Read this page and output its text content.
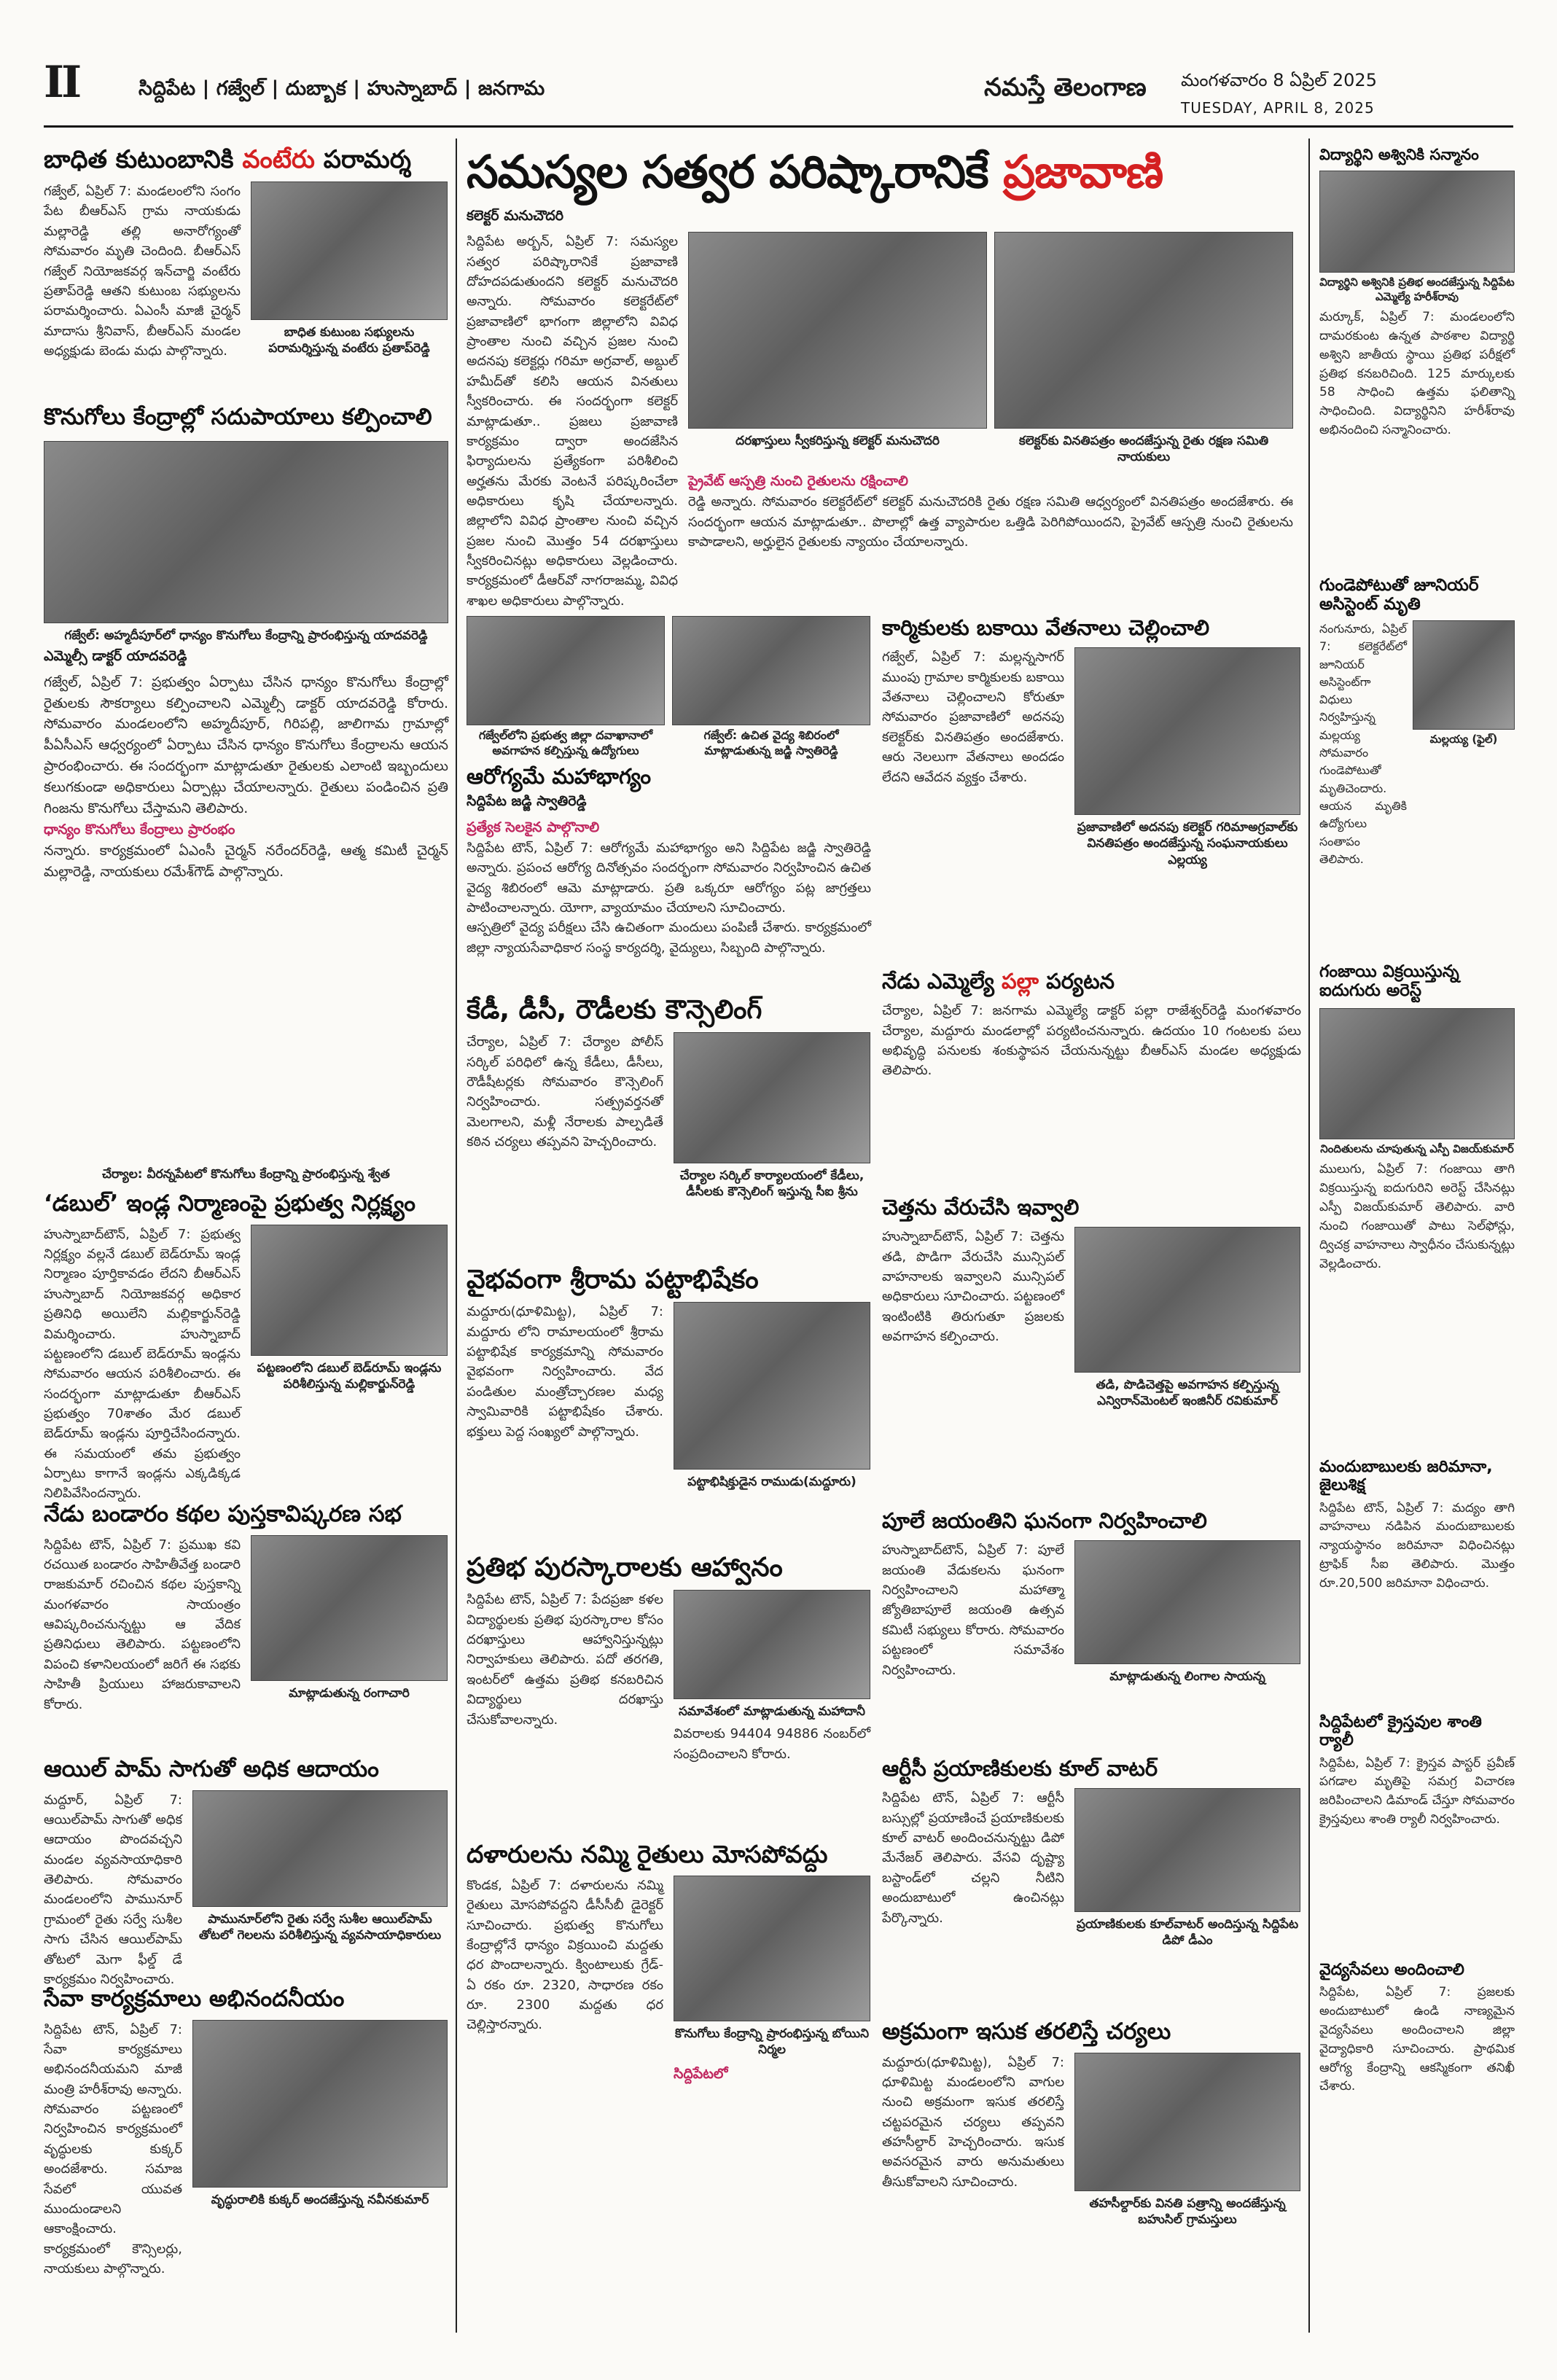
II	సిద్దిపేట | గజ్వేల్ | దుబ్బాక | హుస్నాబాద్ | జనగామ	నమస్తే తెలంగాణ మంగళవారం 8 ఏప్రిల్ 2025
TUESDAY, APRIL 8, 2025
బాధిత కుటుంబానికి వంటేరు పరామర్శ
గజ్వేల్, ఏప్రిల్ 7: మండలంలోని సంగం పేట బీఆర్ఎస్ గ్రామ నాయకుడు మల్లారెడ్డి తల్లి అనారోగ్యంతో సోమవారం మృతి చెందింది. బీఆర్ఎస్ గజ్వేల్ నియోజకవర్గ ఇన్‌చార్జి వంటేరు ప్రతాప్‌రెడ్డి ఆతని కుటుంబ సభ్యులను పరామర్శించారు. ఏఎంసీ మాజీ చైర్మన్ మాదాసు శ్రీనివాస్, బీఆర్ఎస్ మండల అధ్యక్షుడు బెండు మధు పాల్గొన్నారు.
బాధిత కుటుంబ సభ్యులను పరామర్శిస్తున్న వంటేరు ప్రతాప్‌రెడ్డి
కొనుగోలు కేంద్రాల్లో సదుపాయాలు కల్పించాలి
గజ్వేల్: అహ్మదీపూర్‌లో ధాన్యం కొనుగోలు కేంద్రాన్ని ప్రారంభిస్తున్న యాదవరెడ్డి
ఎమ్మెల్సీ డాక్టర్ యాదవరెడ్డి
గజ్వేల్, ఏప్రిల్ 7: ప్రభుత్వం ఏర్పాటు చేసిన ధాన్యం కొనుగోలు కేంద్రాల్లో రైతులకు సౌకర్యాలు కల్పించాలని ఎమ్మెల్సీ డాక్టర్ యాదవరెడ్డి కోరారు. సోమవారం మండలంలోని అహ్మదీపూర్, గిరిపల్లి, జాలిగామ గ్రామాల్లో పీఏసీఎస్ ఆధ్వర్యంలో ఏర్పాటు చేసిన ధాన్యం కొనుగోలు కేంద్రాలను ఆయన ప్రారంభించారు. ఈ సందర్భంగా మాట్లాడుతూ రైతులకు ఎలాంటి ఇబ్బందులు కలుగకుండా అధికారులు ఏర్పాట్లు చేయాలన్నారు. రైతులు పండించిన ప్రతి గింజను కొనుగోలు చేస్తామని తెలిపారు.
ధాన్యం కొనుగోలు కేంద్రాలు ప్రారంభం
నన్నారు. కార్యక్రమంలో ఏఎంసీ చైర్మన్ నరేందర్‌రెడ్డి, ఆత్మ కమిటీ చైర్మన్ మల్లారెడ్డి, నాయకులు రమేశ్‌గౌడ్ పాల్గొన్నారు.
చేర్యాల: వీరన్నపేటలో కొనుగోలు కేంద్రాన్ని ప్రారంభిస్తున్న శ్వేత
‘డబుల్’ ఇండ్ల నిర్మాణంపై ప్రభుత్వ నిర్లక్ష్యం
హుస్నాబాద్‌టౌన్, ఏప్రిల్ 7: ప్రభుత్వ నిర్లక్ష్యం వల్లనే డబుల్ బెడ్‌రూమ్ ఇండ్ల నిర్మాణం పూర్తికావడం లేదని బీఆర్ఎస్ హుస్నాబాద్ నియోజకవర్గ అధికార ప్రతినిధి అయిలేని మల్లికార్జున్‌రెడ్డి విమర్శించారు. హుస్నాబాద్ పట్టణంలోని డబుల్ బెడ్‌రూమ్ ఇండ్లను సోమవారం ఆయన పరిశీలించారు. ఈ సందర్భంగా మాట్లాడుతూ బీఆర్ఎస్ ప్రభుత్వం 70శాతం మేర డబుల్ బెడ్‌రూమ్ ఇండ్లను పూర్తిచేసిందన్నారు. ఈ సమయంలో తమ ప్రభుత్వం ఏర్పాటు కాగానే ఇండ్లను ఎక్కడిక్కడ నిలిపివేసిందన్నారు.
పట్టణంలోని డబుల్ బెడ్‌రూమ్ ఇండ్లను పరిశీలిస్తున్న మల్లికార్జున్‌రెడ్డి
నేడు బండారం కథల పుస్తకావిష్కరణ సభ
సిద్దిపేట టౌన్, ఏప్రిల్ 7: ప్రముఖ కవి రచయిత బండారం సాహితీవేత్త బండారి రాజకుమార్ రచించిన కథల పుస్తకాన్ని మంగళవారం సాయంత్రం ఆవిష్కరించనున్నట్టు ఆ వేదిక ప్రతినిధులు తెలిపారు. పట్టణంలోని విపంచి కళానిలయంలో జరిగే ఈ సభకు సాహితీ ప్రియులు హాజరుకావాలని కోరారు.
మాట్లాడుతున్న రంగాచారి
ఆయిల్ పామ్ సాగుతో అధిక ఆదాయం
మద్దూర్, ఏప్రిల్ 7: ఆయిల్‌పామ్ సాగుతో అధిక ఆదాయం పొందవచ్చని మండల వ్యవసాయాధికారి తెలిపారు. సోమవారం మండలంలోని పామునూర్ గ్రామంలో రైతు సర్వే సుశీల సాగు చేసిన ఆయిల్‌పామ్ తోటలో మెగా ఫీల్డ్ డే కార్యక్రమం నిర్వహించారు.
పామునూర్‌లోని రైతు సర్వే సుశీల ఆయిల్‌పామ్ తోటలో గెలలను పరిశీలిస్తున్న వ్యవసాయాధికారులు
సేవా కార్యక్రమాలు అభినందనీయం
సిద్దిపేట టౌన్, ఏప్రిల్ 7: సేవా కార్యక్రమాలు అభినందనీయమని మాజీ మంత్రి హరీశ్‌రావు అన్నారు. సోమవారం పట్టణంలో నిర్వహించిన కార్యక్రమంలో వృద్ధులకు కుక్కర్ అందజేశారు. సమాజ సేవలో యువత ముందుండాలని ఆకాంక్షించారు. కార్యక్రమంలో కౌన్సిలర్లు, నాయకులు పాల్గొన్నారు.
వృద్ధురాలికి కుక్కర్ అందజేస్తున్న నవీనకుమార్
సమస్యల సత్వర పరిష్కారానికే ప్రజావాణి
కలెక్టర్ మనుచౌదరి
సిద్దిపేట అర్బన్, ఏప్రిల్ 7: సమస్యల సత్వర పరిష్కారానికే ప్రజావాణి దోహదపడుతుందని కలెక్టర్ మనుచౌదరి అన్నారు. సోమవారం కలెక్టరేట్‌లో ప్రజావాణిలో భాగంగా జిల్లాలోని వివిధ ప్రాంతాల నుంచి వచ్చిన ప్రజల నుంచి అదనపు కలెక్టర్లు గరిమా అగ్రవాల్, అబ్దుల్ హమీద్‌తో కలిసి ఆయన వినతులు స్వీకరించారు. ఈ సందర్భంగా కలెక్టర్ మాట్లాడుతూ.. ప్రజలు ప్రజావాణి కార్యక్రమం ద్వారా అందజేసిన ఫిర్యాదులను ప్రత్యేకంగా పరిశీలించి అర్హతను మేరకు వెంటనే పరిష్కరించేలా అధికారులు కృషి చేయాలన్నారు. జిల్లాలోని వివిధ ప్రాంతాల నుంచి వచ్చిన ప్రజల నుంచి మొత్తం 54 దరఖాస్తులు స్వీకరించినట్లు అధికారులు వెల్లడించారు. కార్యక్రమంలో డీఆర్‌వో నాగరాజమ్మ, వివిధ శాఖల అధికారులు పాల్గొన్నారు.
దరఖాస్తులు స్వీకరిస్తున్న కలెక్టర్ మనుచౌదరి	కలెక్టర్‌కు వినతిపత్రం అందజేస్తున్న రైతు రక్షణ సమితి నాయకులు
ప్రైవేట్ ఆస్పత్రి నుంచి రైతులను రక్షించాలి
రెడ్డి అన్నారు. సోమవారం కలెక్టరేట్‌లో కలెక్టర్ మనుచౌదరికి రైతు రక్షణ సమితి ఆధ్వర్యంలో వినతిపత్రం అందజేశారు. ఈ సందర్భంగా ఆయన మాట్లాడుతూ.. పొలాల్లో ఉత్త వ్యాపారుల ఒత్తిడి పెరిగిపోయిందని, ప్రైవేట్ ఆస్పత్రి నుంచి రైతులను కాపాడాలని, అర్హులైన రైతులకు న్యాయం చేయాలన్నారు.
గజ్వేల్‌లోని ప్రభుత్వ జిల్లా దవాఖానాలో అవగాహన కల్పిస్తున్న ఉద్యోగులు
గజ్వేల్: ఉచిత వైద్య శిబిరంలో మాట్లాడుతున్న జడ్జి స్వాతిరెడ్డి
ఆరోగ్యమే మహాభాగ్యం
సిద్దిపేట జడ్జి స్వాతిరెడ్డి
ప్రత్యేక సెలకైన పాల్గొనాలి
సిద్దిపేట టౌన్, ఏప్రిల్ 7: ఆరోగ్యమే మహాభాగ్యం అని సిద్దిపేట జడ్జి స్వాతిరెడ్డి అన్నారు. ప్రపంచ ఆరోగ్య దినోత్సవం సందర్భంగా సోమవారం నిర్వహించిన ఉచిత వైద్య శిబిరంలో ఆమె మాట్లాడారు. ప్రతి ఒక్కరూ ఆరోగ్యం పట్ల జాగ్రత్తలు పాటించాలన్నారు. యోగా, వ్యాయామం చేయాలని సూచించారు.
ఆస్పత్రిలో వైద్య పరీక్షలు చేసి ఉచితంగా మందులు పంపిణీ చేశారు. కార్యక్రమంలో జిల్లా న్యాయసేవాధికార సంస్థ కార్యదర్శి, వైద్యులు, సిబ్బంది పాల్గొన్నారు.
కేడీ, డీసీ, రౌడీలకు కౌన్సెలింగ్
చేర్యాల, ఏప్రిల్ 7: చేర్యాల పోలీస్ సర్కిల్ పరిధిలో ఉన్న కేడీలు, డీసీలు, రౌడీషీటర్లకు సోమవారం కౌన్సెలింగ్ నిర్వహించారు. సత్ప్రవర్తనతో మెలగాలని, మళ్లీ నేరాలకు పాల్పడితే కఠిన చర్యలు తప్పవని హెచ్చరించారు.
చేర్యాల సర్కిల్ కార్యాలయంలో కేడీలు, డీసీలకు కౌన్సెలింగ్ ఇస్తున్న సీఐ శ్రీను
వైభవంగా శ్రీరామ పట్టాభిషేకం
మద్దూరు(ధూళిమిట్ట), ఏప్రిల్ 7: మద్దూరు లోని రామాలయంలో శ్రీరామ పట్టాభిషేక కార్యక్రమాన్ని సోమవారం వైభవంగా నిర్వహించారు. వేద పండితుల మంత్రోచ్చారణల మధ్య స్వామివారికి పట్టాభిషేకం చేశారు. భక్తులు పెద్ద సంఖ్యలో పాల్గొన్నారు.
పట్టాభిషిక్తుడైన రాముడు(మద్దూరు)
ప్రతిభ పురస్కారాలకు ఆహ్వానం
సిద్దిపేట టౌన్, ఏప్రిల్ 7: పేదప్రజా కళల విద్యార్థులకు ప్రతిభ పురస్కారాల కోసం దరఖాస్తులు ఆహ్వానిస్తున్నట్లు నిర్వాహకులు తెలిపారు. పదో తరగతి, ఇంటర్‌లో ఉత్తమ ప్రతిభ కనబరిచిన విద్యార్థులు దరఖాస్తు చేసుకోవాలన్నారు.
సమావేశంలో మాట్లాడుతున్న మహాదానీ
వివరాలకు 94404 94886 నంబర్‌లో సంప్రదించాలని కోరారు.
దళారులను నమ్మి రైతులు మోసపోవద్దు
కొండక, ఏప్రిల్ 7: దళారులను నమ్మి రైతులు మోసపోవద్దని డీసీసీబీ డైరెక్టర్ సూచించారు. ప్రభుత్వ కొనుగోలు కేంద్రాల్లోనే ధాన్యం విక్రయించి మద్దతు ధర పొందాలన్నారు. క్వింటాలుకు గ్రేడ్-ఏ రకం రూ. 2320, సాధారణ రకం రూ. 2300 మద్దతు ధర చెల్లిస్తారన్నారు.
కొనుగోలు కేంద్రాన్ని ప్రారంభిస్తున్న బోయిని నిర్మల
సిద్దిపేటలో
కార్మికులకు బకాయి వేతనాలు చెల్లించాలి
గజ్వేల్, ఏప్రిల్ 7: మల్లన్నసాగర్ ముంపు గ్రామాల కార్మికులకు బకాయి వేతనాలు చెల్లించాలని కోరుతూ సోమవారం ప్రజావాణిలో అదనపు కలెక్టర్‌కు వినతిపత్రం అందజేశారు. ఆరు నెలలుగా వేతనాలు అందడం లేదని ఆవేదన వ్యక్తం చేశారు.
ప్రజావాణిలో అదనపు కలెక్టర్ గరిమాఅగ్రవాల్‌కు వినతిపత్రం అందజేస్తున్న సంఘనాయకులు ఎల్లయ్య
నేడు ఎమ్మెల్యే పల్లా పర్యటన
చేర్యాల, ఏప్రిల్ 7: జనగామ ఎమ్మెల్యే డాక్టర్ పల్లా రాజేశ్వర్‌రెడ్డి మంగళవారం చేర్యాల, మద్దూరు మండలాల్లో పర్యటించనున్నారు. ఉదయం 10 గంటలకు పలు అభివృద్ధి పనులకు శంకుస్థాపన చేయనున్నట్టు బీఆర్ఎస్ మండల అధ్యక్షుడు తెలిపారు.
చెత్తను వేరుచేసి ఇవ్వాలి
హుస్నాబాద్‌టౌన్, ఏప్రిల్ 7: చెత్తను తడి, పొడిగా వేరుచేసి మున్సిపల్ వాహనాలకు ఇవ్వాలని మున్సిపల్ అధికారులు సూచించారు. పట్టణంలో ఇంటింటికి తిరుగుతూ ప్రజలకు అవగాహన కల్పించారు.
తడి, పొడిచెత్తపై అవగాహన కల్పిస్తున్న ఎన్విరాన్‌మెంటల్ ఇంజినీర్ రవికుమార్
పూలే జయంతిని ఘనంగా నిర్వహించాలి
హుస్నాబాద్‌టౌన్, ఏప్రిల్ 7: పూలే జయంతి వేడుకలను ఘనంగా నిర్వహించాలని మహాత్మా జ్యోతిబాపూలే జయంతి ఉత్సవ కమిటీ సభ్యులు కోరారు. సోమవారం పట్టణంలో సమావేశం నిర్వహించారు.	మాట్లాడుతున్న లింగాల సాయన్న
ఆర్టీసీ ప్రయాణికులకు కూల్ వాటర్
సిద్దిపేట టౌన్, ఏప్రిల్ 7: ఆర్టీసీ బస్సుల్లో ప్రయాణించే ప్రయాణికులకు కూల్ వాటర్ అందించనున్నట్టు డిపో మేనేజర్ తెలిపారు. వేసవి దృష్ట్యా బస్టాండ్‌లో చల్లని నీటిని అందుబాటులో ఉంచినట్లు పేర్కొన్నారు.	ప్రయాణికులకు కూల్‌వాటర్ అందిస్తున్న సిద్దిపేట డిపో డీఎం
అక్రమంగా ఇసుక తరలిస్తే చర్యలు
మద్దూరు(ధూళిమిట్ట), ఏప్రిల్ 7: ధూళిమిట్ట మండలంలోని వాగుల నుంచి అక్రమంగా ఇసుక తరలిస్తే చట్టపరమైన చర్యలు తప్పవని తహసీల్దార్ హెచ్చరించారు. ఇసుక అవసరమైన వారు అనుమతులు తీసుకోవాలని సూచించారు.
తహసీల్దార్‌కు వినతి పత్రాన్ని అందజేస్తున్న బహుసిల్ గ్రామస్తులు
విద్యార్థిని అశ్వినికి సన్మానం
విద్యార్థిని అశ్వినికి ప్రతిభ అందజేస్తున్న సిద్దిపేట ఎమ్మెల్యే హరీశ్‌రావు
మర్కూక్, ఏప్రిల్ 7: మండలంలోని దామరకుంట ఉన్నత పాఠశాల విద్యార్థి అశ్విని జాతీయ స్థాయి ప్రతిభ పరీక్షలో ప్రతిభ కనబరిచింది. 125 మార్కులకు 58 సాధించి ఉత్తమ ఫలితాన్ని సాధించింది. విద్యార్థినిని హరీశ్‌రావు అభినందించి సన్మానించారు.
గుండెపోటుతో జూనియర్ అసిస్టెంట్ మృతి
నంగునూరు, ఏప్రిల్ 7: కలెక్టరేట్‌లో జూనియర్ అసిస్టెంట్‌గా విధులు నిర్వహిస్తున్న మల్లయ్య సోమవారం గుండెపోటుతో మృతిచెందారు. ఆయన మృతికి ఉద్యోగులు సంతాపం తెలిపారు.
మల్లయ్య (ఫైల్)
గంజాయి విక్రయిస్తున్న ఐదుగురు అరెస్ట్
నిందితులను చూపుతున్న ఎస్పీ విజయ్‌కుమార్
ములుగు, ఏప్రిల్ 7: గంజాయి తాగి విక్రయిస్తున్న ఐదుగురిని అరెస్ట్ చేసినట్లు ఎస్పీ విజయ్‌కుమార్ తెలిపారు. వారి నుంచి గంజాయితో పాటు సెల్‌ఫోన్లు, ద్విచక్ర వాహనాలు స్వాధీనం చేసుకున్నట్లు వెల్లడించారు.
మందుబాబులకు జరిమానా, జైలుశిక్ష
సిద్దిపేట టౌన్, ఏప్రిల్ 7: మద్యం తాగి వాహనాలు నడిపిన మందుబాబులకు న్యాయస్థానం జరిమానా విధించినట్లు ట్రాఫిక్ సీఐ తెలిపారు. మొత్తం రూ.20,500 జరిమానా విధించారు.
సిద్దిపేటలో క్రైస్తవుల శాంతి ర్యాలీ
సిద్దిపేట, ఏప్రిల్ 7: క్రైస్తవ పాస్టర్ ప్రవీణ్ పగడాల మృతిపై సమగ్ర విచారణ జరిపించాలని డిమాండ్ చేస్తూ సోమవారం క్రైస్తవులు శాంతి ర్యాలీ నిర్వహించారు.
వైద్యసేవలు అందించాలి
సిద్దిపేట, ఏప్రిల్ 7: ప్రజలకు అందుబాటులో ఉండి నాణ్యమైన వైద్యసేవలు అందించాలని జిల్లా వైద్యాధికారి సూచించారు. ప్రాథమిక ఆరోగ్య కేంద్రాన్ని ఆకస్మికంగా తనిఖీ చేశారు.
